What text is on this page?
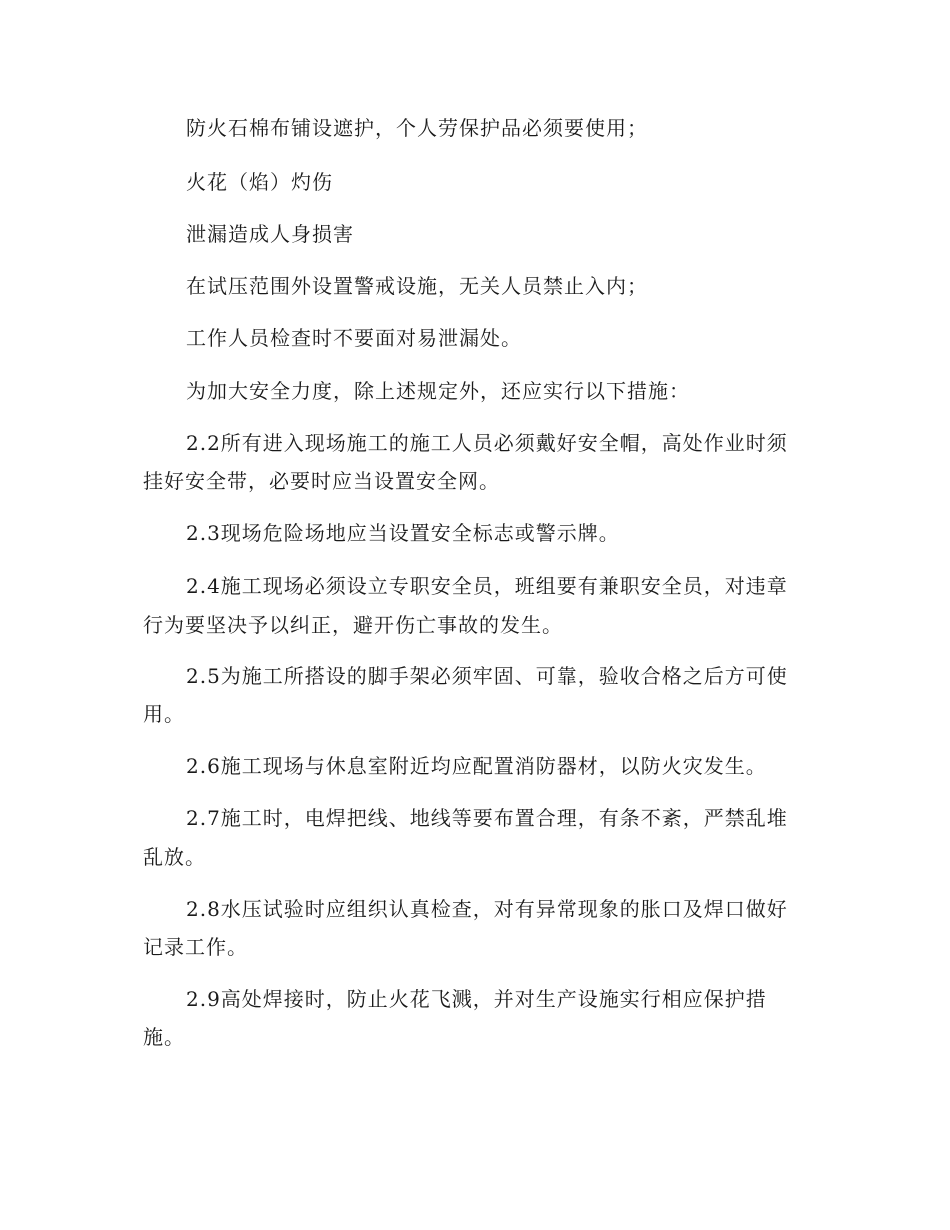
防火石棉布铺设遮护，个人劳保护品必须要使用；
火花（焰）灼伤
泄漏造成人身损害
在试压范围外设置警戒设施，无关人员禁止入内；
工作人员检查时不要面对易泄漏处。
为加大安全力度，除上述规定外，还应实行以下措施：
2.2所有进入现场施工的施工人员必须戴好安全帽，高处作业时须
挂好安全带，必要时应当设置安全网。
2.3现场危险场地应当设置安全标志或警示牌。
2.4施工现场必须设立专职安全员，班组要有兼职安全员，对违章
行为要坚决予以纠正，避开伤亡事故的发生。
2.5为施工所搭设的脚手架必须牢固、可靠，验收合格之后方可使
用。
2.6施工现场与休息室附近均应配置消防器材，以防火灾发生。
2.7施工时，电焊把线、地线等要布置合理，有条不紊，严禁乱堆
乱放。
2.8水压试验时应组织认真检查，对有异常现象的胀口及焊口做好
记录工作。
2.9高处焊接时，防止火花飞溅，并对生产设施实行相应保护措
施。
